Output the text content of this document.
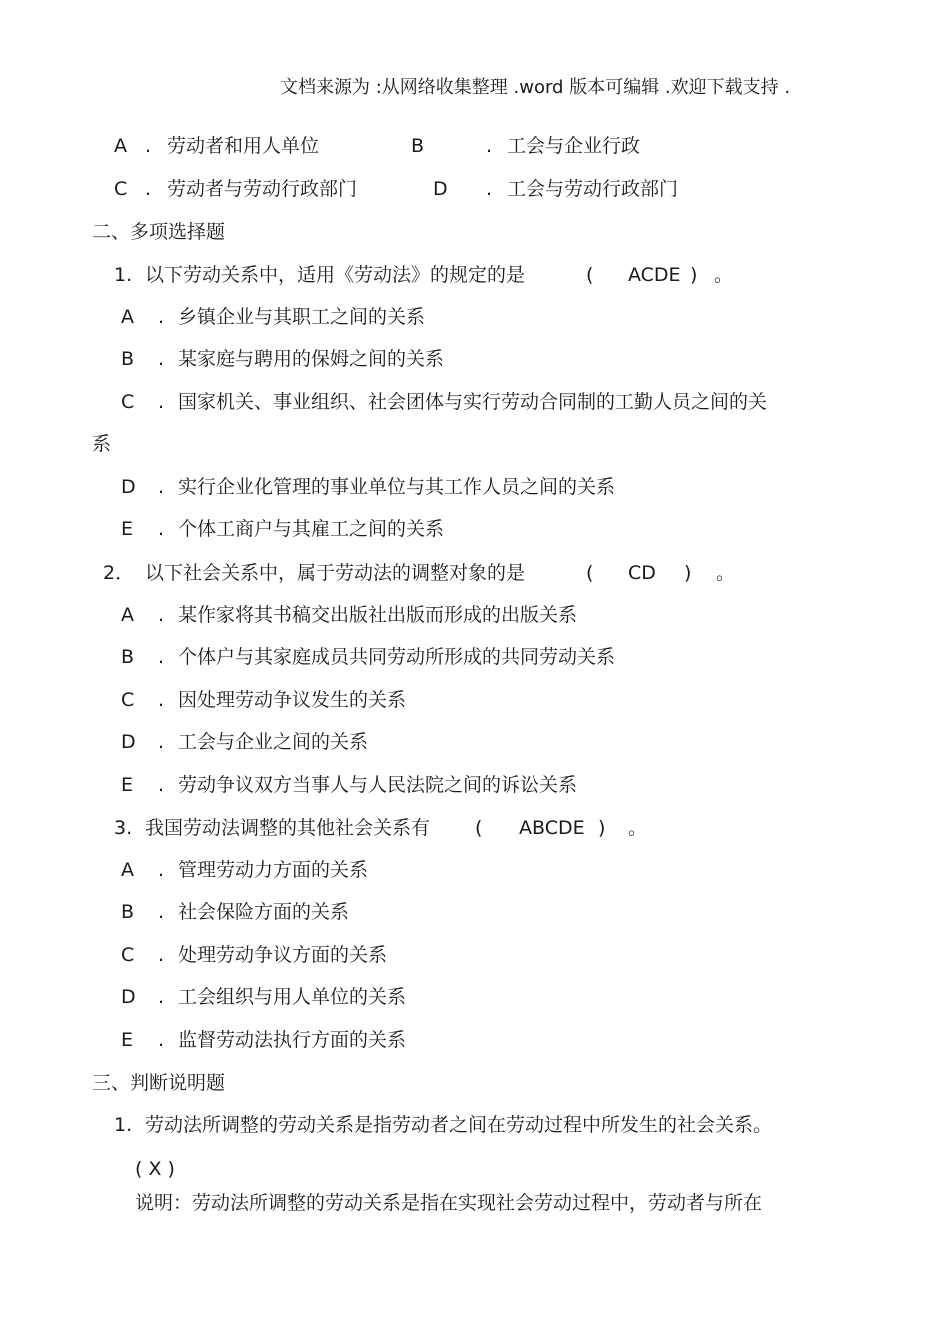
文档来源为 :从网络收集整理 .word 版本可编辑 .欢迎下载支持 .
A . 劳动者和用人单位	B	. 工会与企业行政
C . 劳动者与劳动行政部门	D . 工会与劳动行政部门
二、多项选择题
1. 以下劳动关系中，适用《劳动法》的规定的是	( ACDE ) 。
A . 乡镇企业与其职工之间的关系
B . 某家庭与聘用的保姆之间的关系
C . 国家机关、事业组织、社会团体与实行劳动合同制的工勤人员之间的关
系
D . 实行企业化管理的事业单位与其工作人员之间的关系
E . 个体工商户与其雇工之间的关系
2． 以下社会关系中，属于劳动法的调整对象的是	( CD ) 。
A . 某作家将其书稿交出版社出版而形成的出版关系
B . 个体户与其家庭成员共同劳动所形成的共同劳动关系
C . 因处理劳动争议发生的关系
D . 工会与企业之间的关系
E . 劳动争议双方当事人与人民法院之间的诉讼关系
3. 我国劳动法调整的其他社会关系有 ( ABCDE ) 。
A . 管理劳动力方面的关系
B . 社会保险方面的关系
C . 处理劳动争议方面的关系
D . 工会组织与用人单位的关系
E . 监督劳动法执行方面的关系
三、判断说明题
1. 劳动法所调整的劳动关系是指劳动者之间在劳动过程中所发生的社会关系。
( X )
说明：劳动法所调整的劳动关系是指在实现社会劳动过程中，劳动者与所在
